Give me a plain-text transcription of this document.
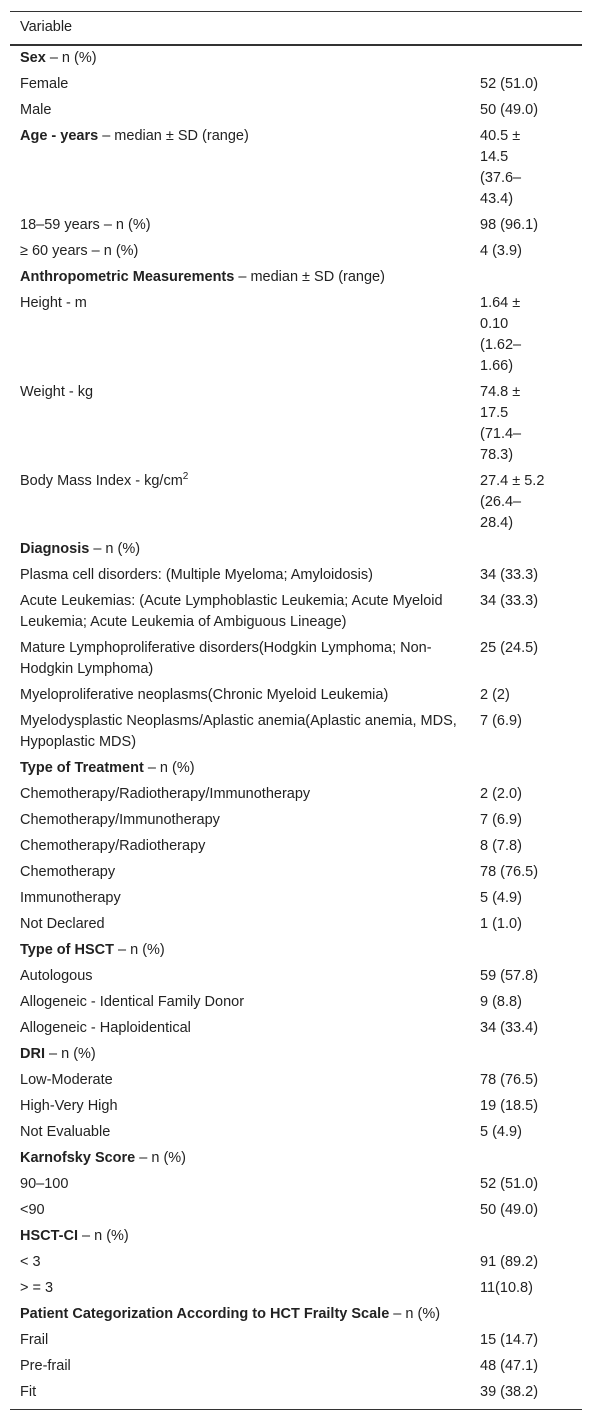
Variable	
Sex – n (%)	
Female	52 (51.0)
Male	50 (49.0)
Age - years – median ± SD (range)	40.5 ±
14.5
(37.6–
43.4)

18–59 years – n (%)	98 (96.1)
≥ 60 years – n (%)	4 (3.9)
Anthropometric Measurements – median ± SD (range)	
Height - m	1.64 ±
0.10
(1.62–
1.66)

Weight - kg	74.8 ±
17.5
(71.4–
78.3)

Body Mass Index - $kg/cm^2$	27.4 ± 5.2
(26.4–
28.4)

Diagnosis – n (%)	
Plasma cell disorders: (Multiple Myeloma; Amyloidosis)	34 (33.3)
Acute Leukemias: (Acute Lymphoblastic Leukemia; Acute Myeloid Leukemia; Acute Leukemia of Ambiguous Lineage)	34 (33.3)
Mature Lymphoproliferative disorders(Hodgkin Lymphoma; Non-Hodgkin Lymphoma)	25 (24.5)
Myeloproliferative neoplasms(Chronic Myeloid Leukemia)	2 (2)
Myelodysplastic Neoplasms/Aplastic anemia(Aplastic anemia, MDS, Hypoplastic MDS)	7 (6.9)
Type of Treatment – n (%)	
Chemotherapy/Radiotherapy/Immunotherapy	2 (2.0)
Chemotherapy/Immunotherapy	7 (6.9)
Chemotherapy/Radiotherapy	8 (7.8)
Chemotherapy	78 (76.5)
Immunotherapy	5 (4.9)
Not Declared	1 (1.0)
Type of HSCT – n (%)	
Autologous	59 (57.8)
Allogeneic - Identical Family Donor	9 (8.8)
Allogeneic - Haploidentical	34 (33.4)
DRI – n (%)	
Low-Moderate	78 (76.5)
High-Very High	19 (18.5)
Not Evaluable	5 (4.9)
Karnofsky Score – n (%)	
90–100	52 (51.0)
<90	50 (49.0)
HSCT-CI – n (%)	
< 3	91 (89.2)
> = 3	11(10.8)
Patient Categorization According to HCT Frailty Scale – n (%)	
Frail	15 (14.7)
Pre-frail	48 (47.1)
Fit	39 (38.2)
